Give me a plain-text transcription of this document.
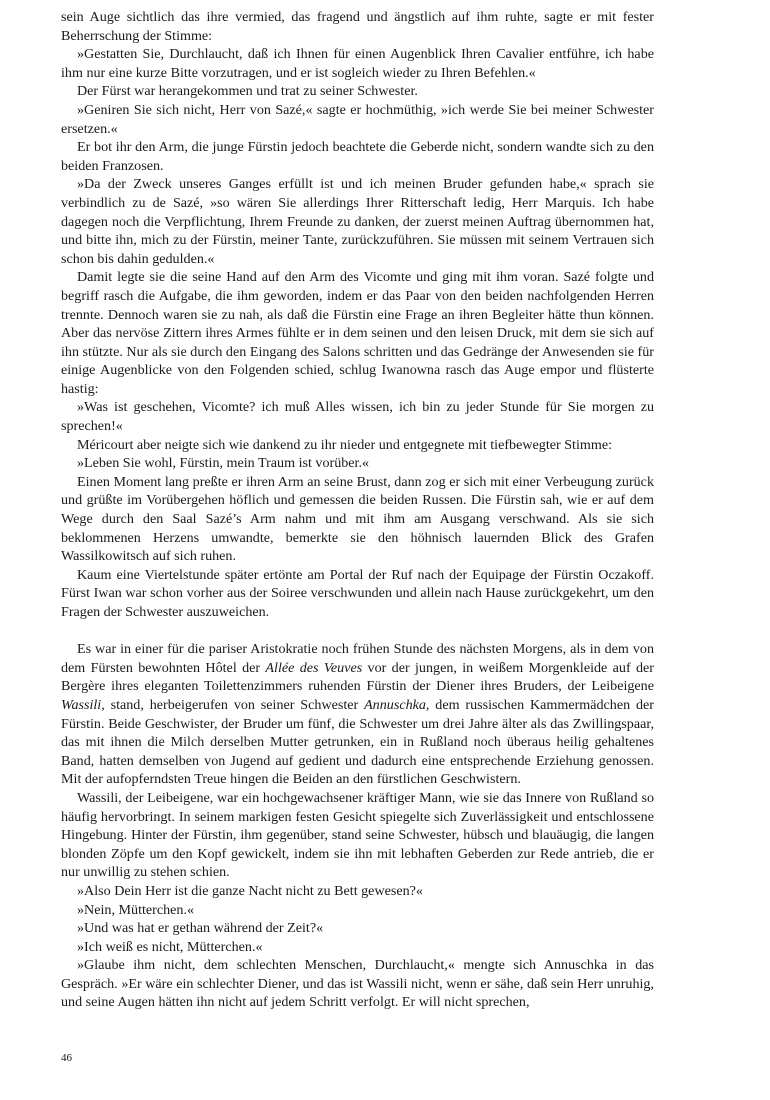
sein Auge sichtlich das ihre vermied, das fragend und ängstlich auf ihm ruhte, sagte er mit fester Beherrschung der Stimme:

»Gestatten Sie, Durchlaucht, daß ich Ihnen für einen Augenblick Ihren Cavalier entführe, ich habe ihm nur eine kurze Bitte vorzutragen, und er ist sogleich wieder zu Ihren Befehlen.«

Der Fürst war herangekommen und trat zu seiner Schwester.

»Geniren Sie sich nicht, Herr von Sazé,« sagte er hochmüthig, »ich werde Sie bei meiner Schwester ersetzen.«

Er bot ihr den Arm, die junge Fürstin jedoch beachtete die Geberde nicht, sondern wandte sich zu den beiden Franzosen.

»Da der Zweck unseres Ganges erfüllt ist und ich meinen Bruder gefunden habe,« sprach sie verbindlich zu de Sazé, »so wären Sie allerdings Ihrer Ritterschaft ledig, Herr Marquis. Ich habe dagegen noch die Verpflichtung, Ihrem Freunde zu danken, der zuerst meinen Auftrag übernommen hat, und bitte ihn, mich zu der Fürstin, meiner Tante, zurückzuführen. Sie müssen mit seinem Vertrauen sich schon bis dahin gedulden.«

Damit legte sie die seine Hand auf den Arm des Vicomte und ging mit ihm voran. Sazé folgte und begriff rasch die Aufgabe, die ihm geworden, indem er das Paar von den beiden nachfolgenden Herren trennte. Dennoch waren sie zu nah, als daß die Fürstin eine Frage an ihren Begleiter hätte thun können. Aber das nervöse Zittern ihres Armes fühlte er in dem seinen und den leisen Druck, mit dem sie sich auf ihn stützte. Nur als sie durch den Eingang des Salons schritten und das Gedränge der Anwesenden sie für einige Augenblicke von den Folgenden schied, schlug Iwanowna rasch das Auge empor und flüsterte hastig:

»Was ist geschehen, Vicomte? ich muß Alles wissen, ich bin zu jeder Stunde für Sie morgen zu sprechen!«

Méricourt aber neigte sich wie dankend zu ihr nieder und entgegnete mit tiefbewegter Stimme:

»Leben Sie wohl, Fürstin, mein Traum ist vorüber.«

Einen Moment lang preßte er ihren Arm an seine Brust, dann zog er sich mit einer Verbeugung zurück und grüßte im Vorübergehen höflich und gemessen die beiden Russen. Die Fürstin sah, wie er auf dem Wege durch den Saal Sazé’s Arm nahm und mit ihm am Ausgang verschwand. Als sie sich beklommenen Herzens umwandte, bemerkte sie den höhnisch lauernden Blick des Grafen Wassilkowitsch auf sich ruhen.

Kaum eine Viertelstunde später ertönte am Portal der Ruf nach der Equipage der Fürstin Oczakoff. Fürst Iwan war schon vorher aus der Soiree verschwunden und allein nach Hause zurückgekehrt, um den Fragen der Schwester auszuweichen.

Es war in einer für die pariser Aristokratie noch frühen Stunde des nächsten Morgens, als in dem von dem Fürsten bewohnten Hôtel der Allée des Veuves vor der jungen, in weißem Morgenkleide auf der Bergère ihres eleganten Toilettenzimmers ruhenden Fürstin der Diener ihres Bruders, der Leibeigene Wassili, stand, herbeigerufen von seiner Schwester Annuschka, dem russischen Kammermädchen der Fürstin. Beide Geschwister, der Bruder um fünf, die Schwester um drei Jahre älter als das Zwillingspaar, das mit ihnen die Milch derselben Mutter getrunken, ein in Rußland noch überaus heilig gehaltenes Band, hatten demselben von Jugend auf gedient und dadurch eine entsprechende Erziehung genossen. Mit der aufopferndsten Treue hingen die Beiden an den fürstlichen Geschwistern.

Wassili, der Leibeigene, war ein hochgewachsener kräftiger Mann, wie sie das Innere von Rußland so häufig hervorbringt. In seinem markigen festen Gesicht spiegelte sich Zuverlässigkeit und entschlossene Hingebung. Hinter der Fürstin, ihm gegenüber, stand seine Schwester, hübsch und blauäugig, die langen blonden Zöpfe um den Kopf gewickelt, indem sie ihn mit lebhaften Geberden zur Rede antrieb, die er nur unwillig zu stehen schien.

»Also Dein Herr ist die ganze Nacht nicht zu Bett gewesen?«

»Nein, Mütterchen.«

»Und was hat er gethan während der Zeit?«

»Ich weiß es nicht, Mütterchen.«

»Glaube ihm nicht, dem schlechten Menschen, Durchlaucht,« mengte sich Annuschka in das Gespräch. »Er wäre ein schlechter Diener, und das ist Wassili nicht, wenn er sähe, daß sein Herr unruhig, und seine Augen hätten ihn nicht auf jedem Schritt verfolgt. Er will nicht sprechen,

46
